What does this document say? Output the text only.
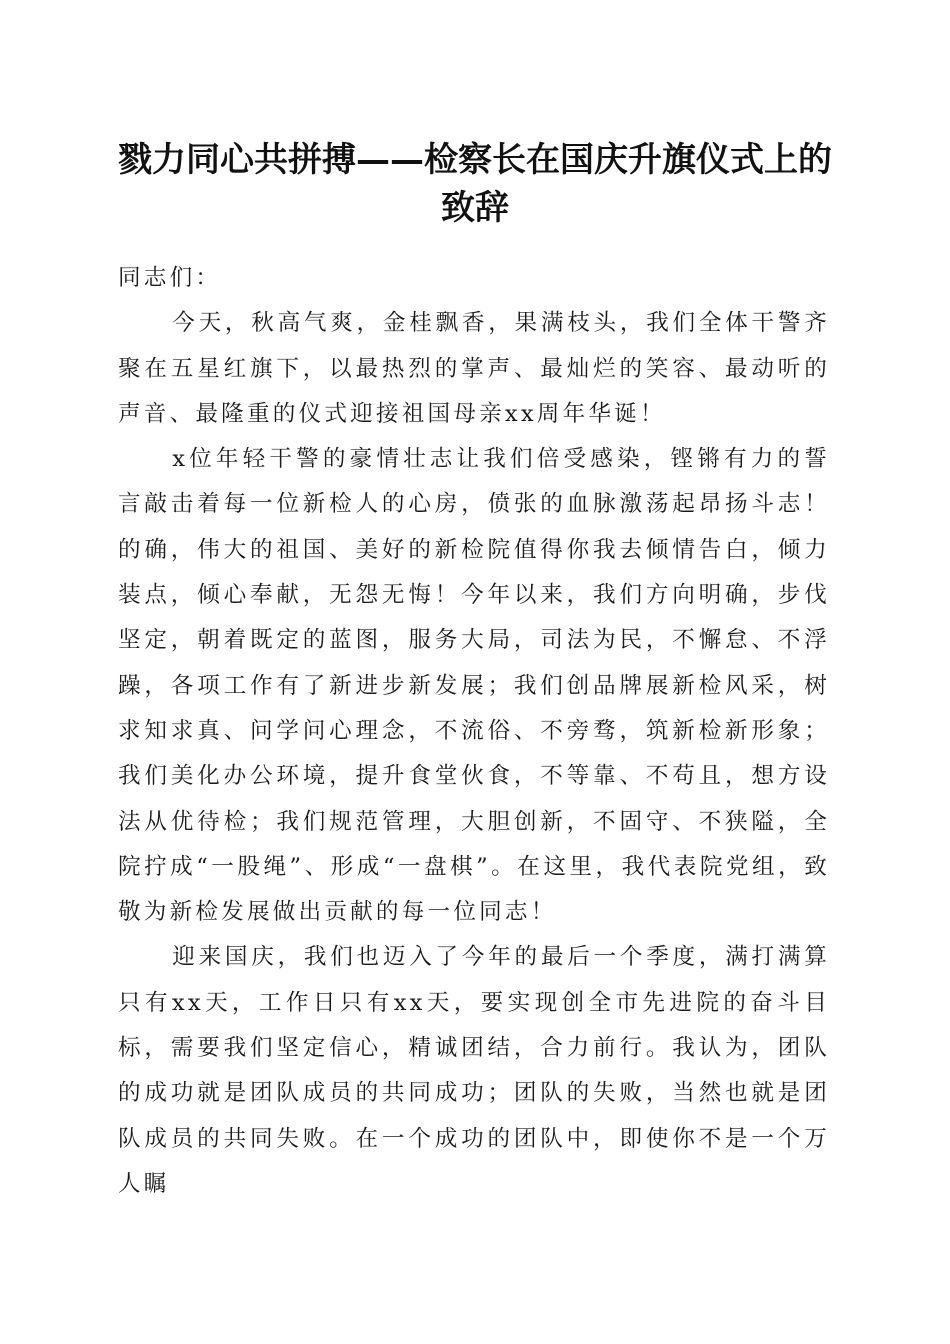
戮力同心共拼搏——检察长在国庆升旗仪式上的致辞

同志们：

今天，秋高气爽，金桂飘香，果满枝头，我们全体干警齐聚在五星红旗下，以最热烈的掌声、最灿烂的笑容、最动听的声音、最隆重的仪式迎接祖国母亲xx周年华诞！

x位年轻干警的豪情壮志让我们倍受感染，铿锵有力的誓言敲击着每一位新检人的心房，偾张的血脉激荡起昂扬斗志！的确，伟大的祖国、美好的新检院值得你我去倾情告白，倾力装点，倾心奉献，无怨无悔！今年以来，我们方向明确，步伐坚定，朝着既定的蓝图，服务大局，司法为民，不懈怠、不浮躁，各项工作有了新进步新发展；我们创品牌展新检风采，树求知求真、问学问心理念，不流俗、不旁骛，筑新检新形象；我们美化办公环境，提升食堂伙食，不等靠、不苟且，想方设法从优待检；我们规范管理，大胆创新，不固守、不狭隘，全院拧成“一股绳”、形成“一盘棋”。在这里，我代表院党组，致敬为新检发展做出贡献的每一位同志！

迎来国庆，我们也迈入了今年的最后一个季度，满打满算只有xx天，工作日只有xx天，要实现创全市先进院的奋斗目标，需要我们坚定信心，精诚团结，合力前行。我认为，团队的成功就是团队成员的共同成功；团队的失败，当然也就是团队成员的共同失败。在一个成功的团队中，即使你不是一个万人瞩
